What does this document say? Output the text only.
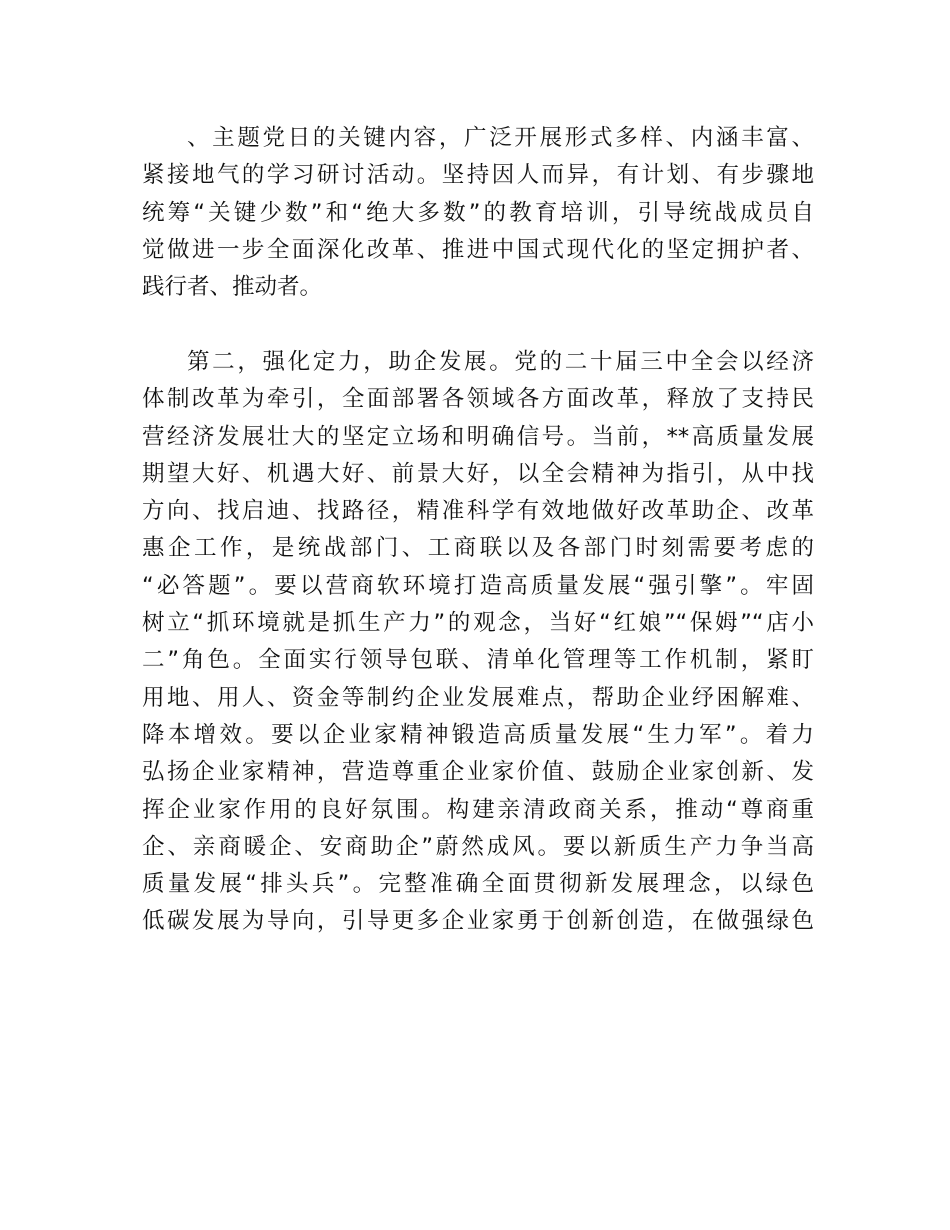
、主题党日的关键内容，广泛开展形式多样、内涵丰富、
紧接地气的学习研讨活动。坚持因人而异，有计划、有步骤地
统筹“关键少数”和“绝大多数”的教育培训，引导统战成员自
觉做进一步全面深化改革、推进中国式现代化的坚定拥护者、
践行者、推动者。
第二，强化定力，助企发展。党的二十届三中全会以经济
体制改革为牵引，全面部署各领域各方面改革，释放了支持民
营经济发展壮大的坚定立场和明确信号。当前，**高质量发展
期望大好、机遇大好、前景大好，以全会精神为指引，从中找
方向、找启迪、找路径，精准科学有效地做好改革助企、改革
惠企工作，是统战部门、工商联以及各部门时刻需要考虑的
“必答题”。要以营商软环境打造高质量发展“强引擎”。牢固
树立“抓环境就是抓生产力”的观念，当好“红娘”“保姆”“店小
二”角色。全面实行领导包联、清单化管理等工作机制，紧盯
用地、用人、资金等制约企业发展难点，帮助企业纾困解难、
降本增效。要以企业家精神锻造高质量发展“生力军”。着力
弘扬企业家精神，营造尊重企业家价值、鼓励企业家创新、发
挥企业家作用的良好氛围。构建亲清政商关系，推动“尊商重
企、亲商暖企、安商助企”蔚然成风。要以新质生产力争当高
质量发展“排头兵”。完整准确全面贯彻新发展理念，以绿色
低碳发展为导向，引导更多企业家勇于创新创造，在做强绿色
